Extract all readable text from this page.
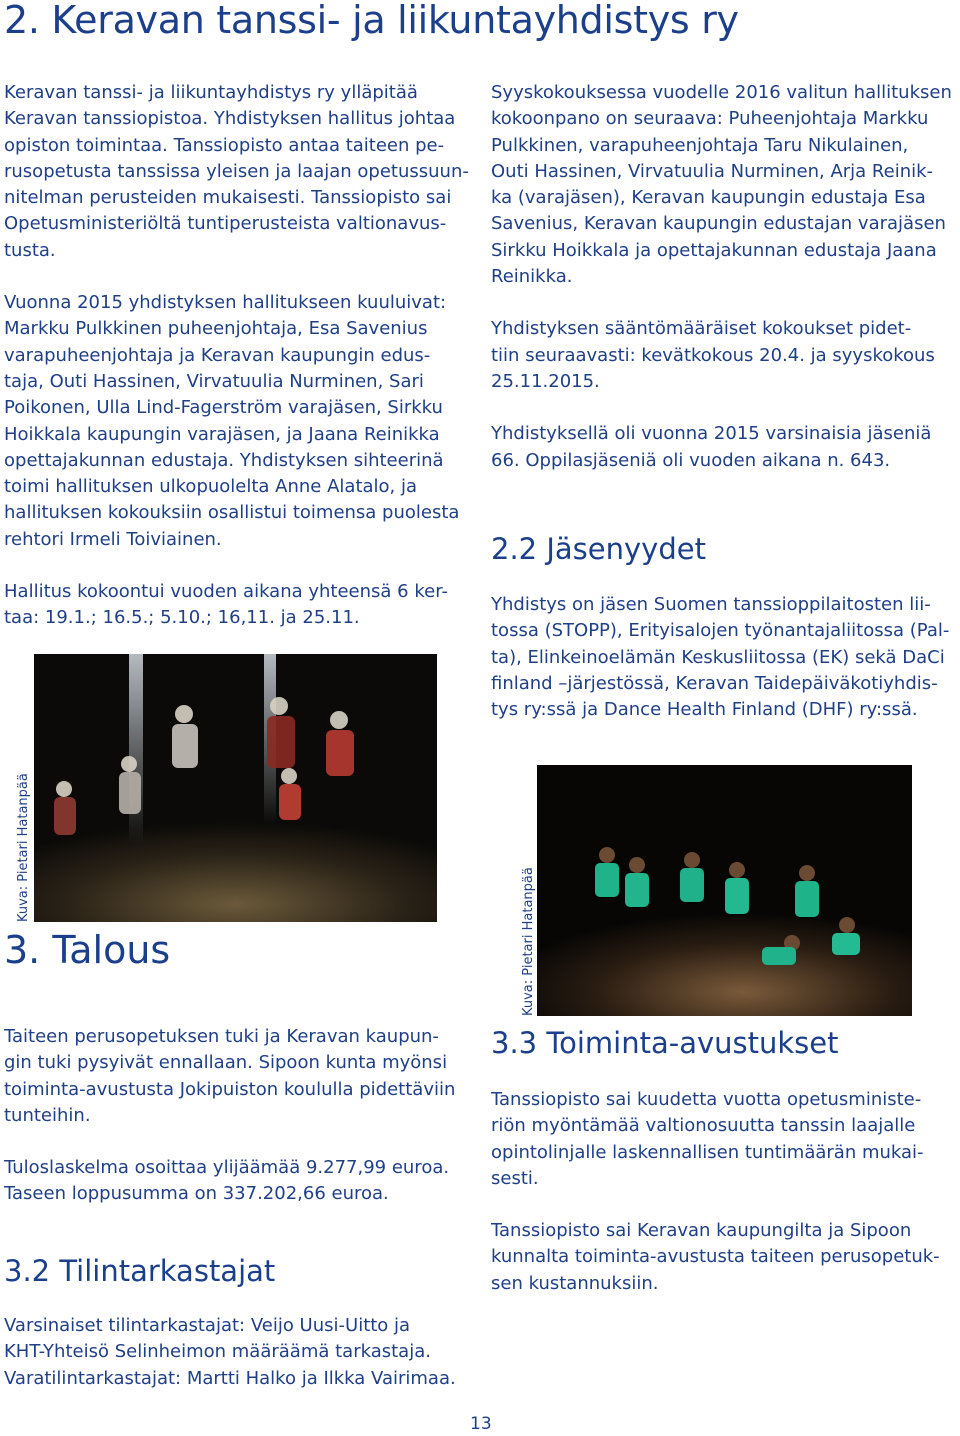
2. Keravan tanssi- ja liikuntayhdistys ry

Keravan tanssi- ja liikuntayhdistys ry ylläpitää
Keravan tanssiopistoa. Yhdistyksen hallitus johtaa
opiston toimintaa. Tanssiopisto antaa taiteen pe-
rusopetusta tanssissa yleisen ja laajan opetussuun-
nitelman perusteiden mukaisesti. Tanssiopisto sai
Opetusministeriöltä tuntiperusteista valtionavus-
tusta.

Vuonna 2015 yhdistyksen hallitukseen kuuluivat:
Markku Pulkkinen puheenjohtaja, Esa Savenius
varapuheenjohtaja ja Keravan kaupungin edus-
taja, Outi Hassinen, Virvatuulia Nurminen, Sari
Poikonen, Ulla Lind-Fagerström varajäsen, Sirkku
Hoikkala kaupungin varajäsen, ja Jaana Reinikka
opettajakunnan edustaja. Yhdistyksen sihteerinä
toimi hallituksen ulkopuolelta Anne Alatalo, ja
hallituksen kokouksiin osallistui toimensa puolesta
rehtori Irmeli Toiviainen.

Hallitus kokoontui vuoden aikana yhteensä 6 ker-
taa: 19.1.; 16.5.; 5.10.; 16,11. ja 25.11.

Syyskokouksessa vuodelle 2016 valitun hallituksen
kokoonpano on seuraava: Puheenjohtaja Markku
Pulkkinen, varapuheenjohtaja Taru Nikulainen,
Outi Hassinen, Virvatuulia Nurminen, Arja Reinik-
ka (varajäsen), Keravan kaupungin edustaja Esa
Savenius, Keravan kaupungin edustajan varajäsen
Sirkku Hoikkala ja opettajakunnan edustaja Jaana
Reinikka.

Yhdistyksen sääntömääräiset kokoukset pidet-
tiin seuraavasti: kevätkokous 20.4. ja syyskokous
25.11.2015.

Yhdistyksellä oli vuonna 2015 varsinaisia jäseniä
66. Oppilasjäseniä oli vuoden aikana n. 643.

2.2 Jäsenyydet

Yhdistys on jäsen Suomen tanssioppilaitosten lii-
tossa (STOPP), Erityisalojen työnantajaliitossa (Pal-
ta), Elinkeinoelämän Keskusliitossa (EK) sekä DaCi
finland –järjestössä, Keravan Taidepäiväkotiyhdis-
tys ry:ssä ja Dance Health Finland (DHF) ry:ssä.

Kuva: Pietari Hatanpää
Kuva: Pietari Hatanpää
3. Talous

Taiteen perusopetuksen tuki ja Keravan kaupun-
gin tuki pysyivät ennallaan. Sipoon kunta myönsi
toiminta-avustusta Jokipuiston koululla pidettäviin
tunteihin.

Tuloslaskelma osoittaa ylijäämää 9.277,99 euroa.
Taseen loppusumma on 337.202,66 euroa.

3.2 Tilintarkastajat

Varsinaiset tilintarkastajat: Veijo Uusi-Uitto ja
KHT-Yhteisö Selinheimon määräämä tarkastaja.
Varatilintarkastajat: Martti Halko ja Ilkka Vairimaa.

3.3 Toiminta-avustukset

Tanssiopisto sai kuudetta vuotta opetusministe-
riön myöntämää valtionosuutta tanssin laajalle
opintolinjalle laskennallisen tuntimäärän mukai-
sesti.

Tanssiopisto sai Keravan kaupungilta ja Sipoon
kunnalta toiminta-avustusta taiteen perusopetuk-
sen kustannuksiin.

13
